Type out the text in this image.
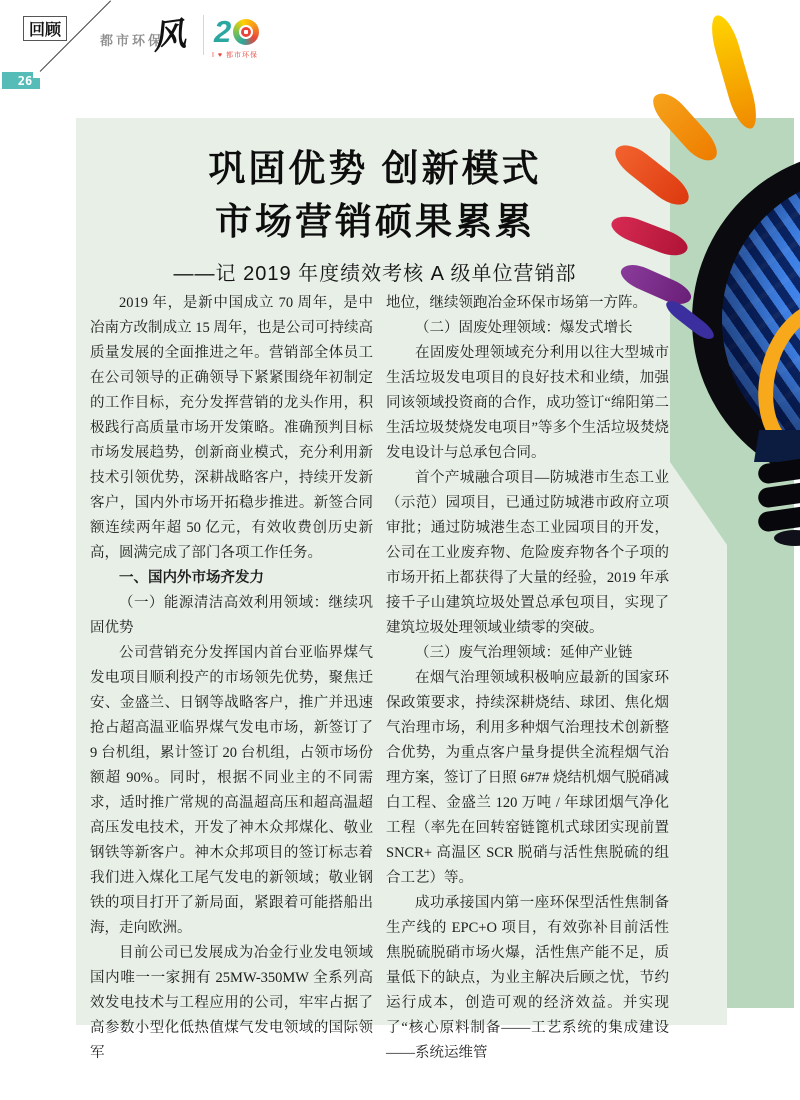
回顾
26
都市环保
风 2
I ♥ 都市环保
巩固优势 创新模式
市场营销硕果累累
——记 2019 年度绩效考核 A 级单位营销部

2019 年，是新中国成立 70 周年，是中冶南方改制成立 15 周年，也是公司可持续高质量发展的全面推进之年。营销部全体员工在公司领导的正确领导下紧紧围绕年初制定的工作目标，充分发挥营销的龙头作用，积极践行高质量市场开发策略。准确预判目标市场发展趋势，创新商业模式，充分利用新技术引领优势，深耕战略客户，持续开发新客户，国内外市场开拓稳步推进。新签合同额连续两年超 50 亿元，有效收费创历史新高，圆满完成了部门各项工作任务。

一、国内外市场齐发力

（一）能源清洁高效利用领域：继续巩固优势

公司营销充分发挥国内首台亚临界煤气发电项目顺利投产的市场领先优势，聚焦迁安、金盛兰、日钢等战略客户，推广并迅速抢占超高温亚临界煤气发电市场，新签订了 9 台机组，累计签订 20 台机组，占领市场份额超 90%。同时，根据不同业主的不同需求，适时推广常规的高温超高压和超高温超高压发电技术，开发了神木众邦煤化、敬业钢铁等新客户。神木众邦项目的签订标志着我们进入煤化工尾气发电的新领域；敬业钢铁的项目打开了新局面，紧跟着可能搭船出海，走向欧洲。

目前公司已发展成为冶金行业发电领域国内唯一一家拥有 25MW-350MW 全系列高效发电技术与工程应用的公司，牢牢占据了高参数小型化低热值煤气发电领域的国际领军

地位，继续领跑冶金环保市场第一方阵。

（二）固废处理领域：爆发式增长

在固废处理领域充分利用以往大型城市生活垃圾发电项目的良好技术和业绩，加强同该领域投资商的合作，成功签订“绵阳第二生活垃圾焚烧发电项目”等多个生活垃圾焚烧发电设计与总承包合同。

首个产城融合项目—防城港市生态工业（示范）园项目，已通过防城港市政府立项审批；通过防城港生态工业园项目的开发，公司在工业废弃物、危险废弃物各个子项的市场开拓上都获得了大量的经验，2019 年承接千子山建筑垃圾处置总承包项目，实现了建筑垃圾处理领域业绩零的突破。

（三）废气治理领域：延伸产业链

在烟气治理领域积极响应最新的国家环保政策要求，持续深耕烧结、球团、焦化烟气治理市场，利用多种烟气治理技术创新整合优势，为重点客户量身提供全流程烟气治理方案，签订了日照 6#7# 烧结机烟气脱硝减白工程、金盛兰 120 万吨 / 年球团烟气净化工程（率先在回转窑链篦机式球团实现前置 SNCR+ 高温区 SCR 脱硝与活性焦脱硫的组合工艺）等。

成功承接国内第一座环保型活性焦制备生产线的 EPC+O 项目，有效弥补目前活性焦脱硫脱硝市场火爆，活性焦产能不足，质量低下的缺点，为业主解决后顾之忧，节约运行成本，创造可观的经济效益。并实现了“核心原料制备——工艺系统的集成建设——系统运维管
